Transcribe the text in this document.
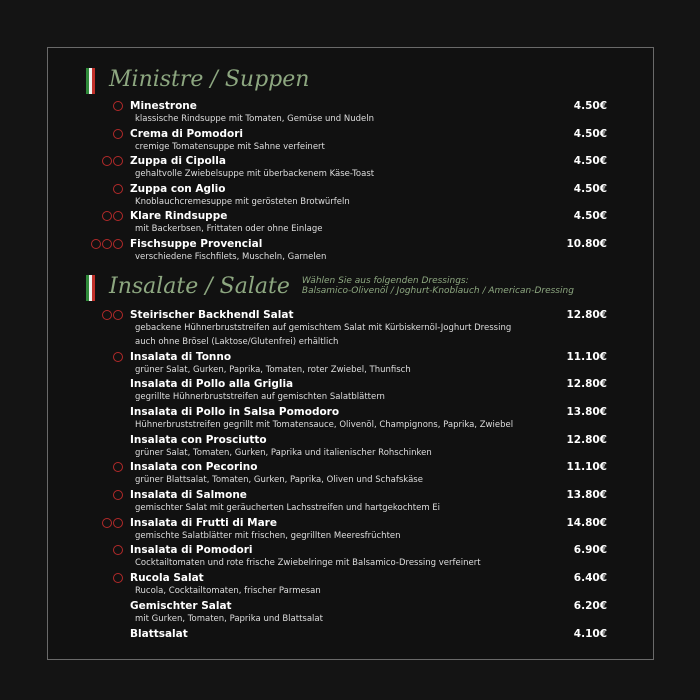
Ministre / Suppen
Minestrone
klassische Rindsuppe mit Tomaten, Gemüse und Nudeln
4.50€
Crema di Pomodori
cremige Tomatensuppe mit Sahne verfeinert
4.50€
Zuppa di Cipolla
gehaltvolle Zwiebelsuppe mit überbackenem Käse-Toast
4.50€
Zuppa con Aglio
Knoblauchcremesuppe mit gerösteten Brotwürfeln
4.50€
Klare Rindsuppe
mit Backerbsen, Frittaten oder ohne Einlage
4.50€
Fischsuppe Provencial
verschiedene Fischfilets, Muscheln, Garnelen
10.80€
Insalate / Salate Wählen Sie aus folgenden Dressings:
Balsamico-Olivenöl / Joghurt-Knoblauch / American-Dressing
Steirischer Backhendl Salat
gebackene Hühnerbruststreifen auf gemischtem Salat mit Kürbiskernöl-Joghurt Dressing
auch ohne Brösel (Laktose/Glutenfrei) erhältlich
12.80€
Insalata di Tonno
grüner Salat, Gurken, Paprika, Tomaten, roter Zwiebel, Thunfisch
11.10€
Insalata di Pollo alla Griglia
gegrillte Hühnerbruststreifen auf gemischten Salatblättern
12.80€
Insalata di Pollo in Salsa Pomodoro
Hühnerbruststreifen gegrillt mit Tomatensauce, Olivenöl, Champignons, Paprika, Zwiebel
13.80€
Insalata con Prosciutto
grüner Salat, Tomaten, Gurken, Paprika und italienischer Rohschinken
12.80€
Insalata con Pecorino
grüner Blattsalat, Tomaten, Gurken, Paprika, Oliven und Schafskäse
11.10€
Insalata di Salmone
gemischter Salat mit geräucherten Lachsstreifen und hartgekochtem Ei
13.80€
Insalata di Frutti di Mare
gemischte Salatblätter mit frischen, gegrillten Meeresfrüchten
14.80€
Insalata di Pomodori
Cocktailtomaten und rote frische Zwiebelringe mit Balsamico-Dressing verfeinert
6.90€
Rucola Salat
Rucola, Cocktailtomaten, frischer Parmesan
6.40€
Gemischter Salat
mit Gurken, Tomaten, Paprika und Blattsalat
6.20€
Blattsalat	4.10€
